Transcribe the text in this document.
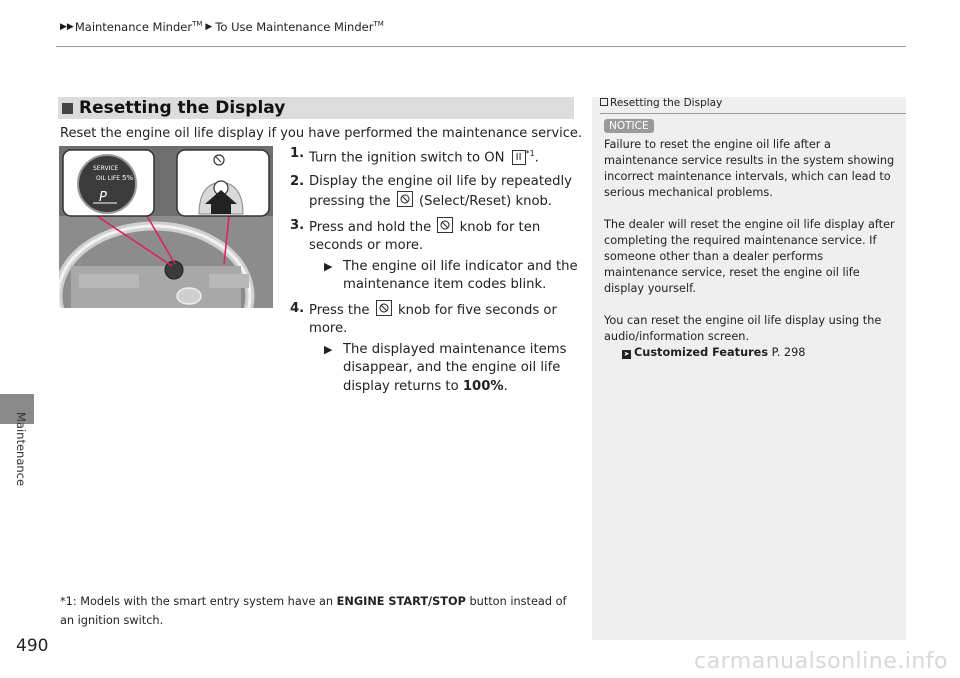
▶▶ Maintenance Minder™ ▶ To Use Maintenance Minder™
Maintenance
490
Resetting the Display
Reset the engine oil life display if you have performed the maintenance service.
SERVICE
OIL LIFE 5%
P
1. Turn the ignition switch to ON II $^{*1}$.
2. Display the engine oil life by repeatedly pressing the (Select/Reset) knob.
3. Press and hold the knob for ten seconds or more.
▶ The engine oil life indicator and the maintenance item codes blink.
4. Press the knob for five seconds or more.
▶ The displayed maintenance items disappear, and the engine oil life display returns to 100%.
*1: Models with the smart entry system have an ENGINE START/STOP button instead of an ignition switch.
Resetting the Display
NOTICE

Failure to reset the engine oil life after a maintenance service results in the system showing incorrect maintenance intervals, which can lead to serious mechanical problems.

The dealer will reset the engine oil life display after completing the required maintenance service. If someone other than a dealer performs maintenance service, reset the engine oil life display yourself.

You can reset the engine oil life display using the audio/information screen.

➤ Customized Features P. 298
carmanualsonline.info
